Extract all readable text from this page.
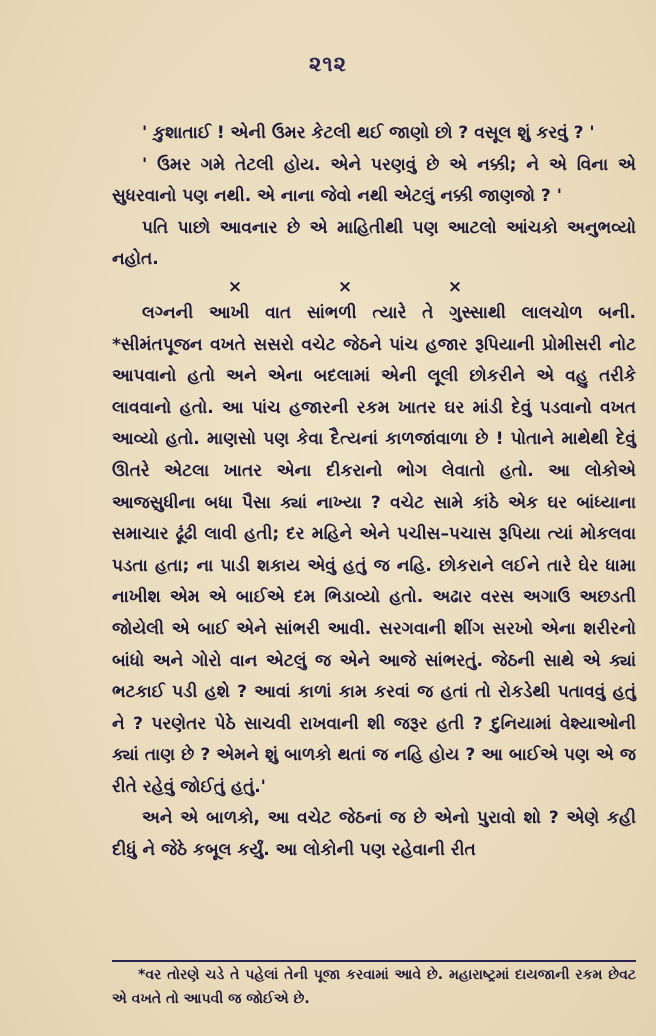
૨૧૨

' કુશાતાઈ ! એની ઉમર કેટલી થઈ જાણો છો ? વસૂલ શું કરવું ? '

' ઉમર ગમે તેટલી હોય. એને પરણવું છે એ નક્કી; ને એ વિના એ સુધરવાનો પણ નથી. એ નાના જેવો નથી એટલું નક્કી જાણજો ? '

પતિ પાછો આવનાર છે એ માહિતીથી પણ આટલો આંચકો અનુભવ્યો નહોત.

×	×	×

લગ્નની આખી વાત સાંભળી ત્યારે તે ગુસ્સાથી લાલચોળ બની. *સીમંતપૂજન વખતે સસરો વચેટ જેઠને પાંચ હજાર રૂપિયાની પ્રોમીસરી નોટ આપવાનો હતો અને એના બદલામાં એની લૂલી છોકરીને એ વહુ તરીકે લાવવાનો હતો. આ પાંચ હજારની રકમ ખાતર ઘર માંડી દેવું પડવાનો વખત આવ્યો હતો. માણસો પણ કેવા દૈત્યનાં કાળજાંવાળા છે ! પોતાને માથેથી દેવું ઊતરે એટલા ખાતર એના દીકરાનો ભોગ લેવાતો હતો. આ લોકોએ આજસુધીના બધા પૈસા ક્યાં નાખ્યા ? વચેટ સામે કાંઠે એક ઘર બાંધ્યાના સમાચાર ઢૂંઢી લાવી હતી; દર મહિને એને પચીસ–પચાસ રૂપિયા ત્યાં મોકલવા પડતા હતા; ના પાડી શકાય એવું હતું જ નહિ. છોકરાને લઈને તારે ઘેર ધામા નાખીશ એમ એ બાઈએ દમ ભિડાવ્યો હતો. અઢાર વરસ અગાઉ અછડતી જોયેલી એ બાઈ એને સાંભરી આવી. સરગવાની શીંગ સરખો એના શરીરનો બાંધો અને ગોરો વાન એટલું જ એને આજે સાંભરતું. જેઠની સાથે એ ક્યાં ભટકાઈ પડી હશે ? આવાં કાળાં કામ કરવાં જ હતાં તો રોકડેથી પતાવવું હતું ને ? પરણેતર પેઠે સાચવી રાખવાની શી જરૂર હતી ? દુનિયામાં વેશ્યાઓની ક્યાં તાણ છે ? એમને શું બાળકો થતાં જ નહિ હોય ? આ બાઈએ પણ એ જ રીતે રહેવું જોઈતું હતું.'

અને એ બાળકો, આ વચેટ જેઠનાં જ છે એનો પુરાવો શો ? એણે કહી દીધું ને જેઠે કબૂલ કર્યું. આ લોકોની પણ રહેવાની રીત

*વર તોરણે ચડે તે પહેલાં તેની પૂજા કરવામાં આવે છે. મહારાષ્ટ્રમાં દાયજાની રકમ છેવટ એ વખતે તો આપવી જ જોઈએ છે.
